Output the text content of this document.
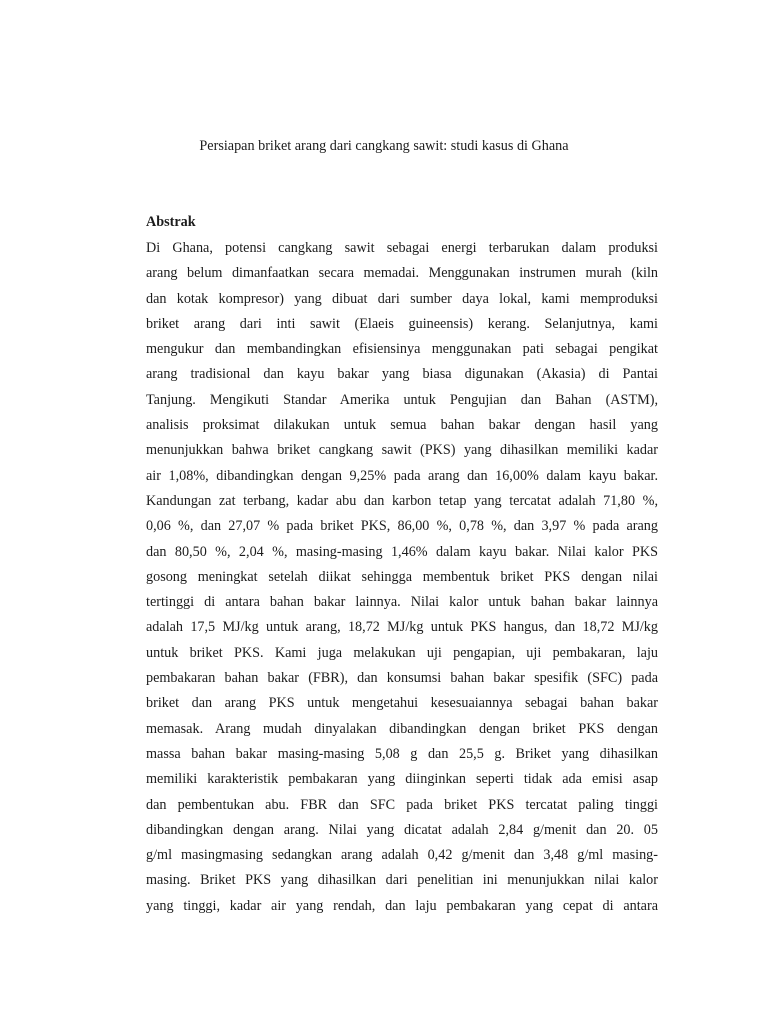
Persiapan briket arang dari cangkang sawit: studi kasus di Ghana
Abstrak
Di Ghana, potensi cangkang sawit sebagai energi terbarukan dalam produksi
arang belum dimanfaatkan secara memadai. Menggunakan instrumen murah (kiln
dan kotak kompresor) yang dibuat dari sumber daya lokal, kami memproduksi
briket arang dari inti sawit (Elaeis guineensis) kerang. Selanjutnya, kami
mengukur dan membandingkan efisiensinya menggunakan pati sebagai pengikat
arang tradisional dan kayu bakar yang biasa digunakan (Akasia) di Pantai
Tanjung. Mengikuti Standar Amerika untuk Pengujian dan Bahan (ASTM),
analisis proksimat dilakukan untuk semua bahan bakar dengan hasil yang
menunjukkan bahwa briket cangkang sawit (PKS) yang dihasilkan memiliki kadar
air 1,08%, dibandingkan dengan 9,25% pada arang dan 16,00% dalam kayu bakar.
Kandungan zat terbang, kadar abu dan karbon tetap yang tercatat adalah 71,80 %,
0,06 %, dan 27,07 % pada briket PKS, 86,00 %, 0,78 %, dan 3,97 % pada arang
dan 80,50 %, 2,04 %, masing-masing 1,46% dalam kayu bakar. Nilai kalor PKS
gosong meningkat setelah diikat sehingga membentuk briket PKS dengan nilai
tertinggi di antara bahan bakar lainnya. Nilai kalor untuk bahan bakar lainnya
adalah 17,5 MJ/kg untuk arang, 18,72 MJ/kg untuk PKS hangus, dan 18,72 MJ/kg
untuk briket PKS. Kami juga melakukan uji pengapian, uji pembakaran, laju
pembakaran bahan bakar (FBR), dan konsumsi bahan bakar spesifik (SFC) pada
briket dan arang PKS untuk mengetahui kesesuaiannya sebagai bahan bakar
memasak. Arang mudah dinyalakan dibandingkan dengan briket PKS dengan
massa bahan bakar masing-masing 5,08 g dan 25,5 g. Briket yang dihasilkan
memiliki karakteristik pembakaran yang diinginkan seperti tidak ada emisi asap
dan pembentukan abu. FBR dan SFC pada briket PKS tercatat paling tinggi
dibandingkan dengan arang. Nilai yang dicatat adalah 2,84 g/menit dan 20. 05
g/ml masingmasing sedangkan arang adalah 0,42 g/menit dan 3,48 g/ml masing-
masing. Briket PKS yang dihasilkan dari penelitian ini menunjukkan nilai kalor
yang tinggi, kadar air yang rendah, dan laju pembakaran yang cepat di antara
